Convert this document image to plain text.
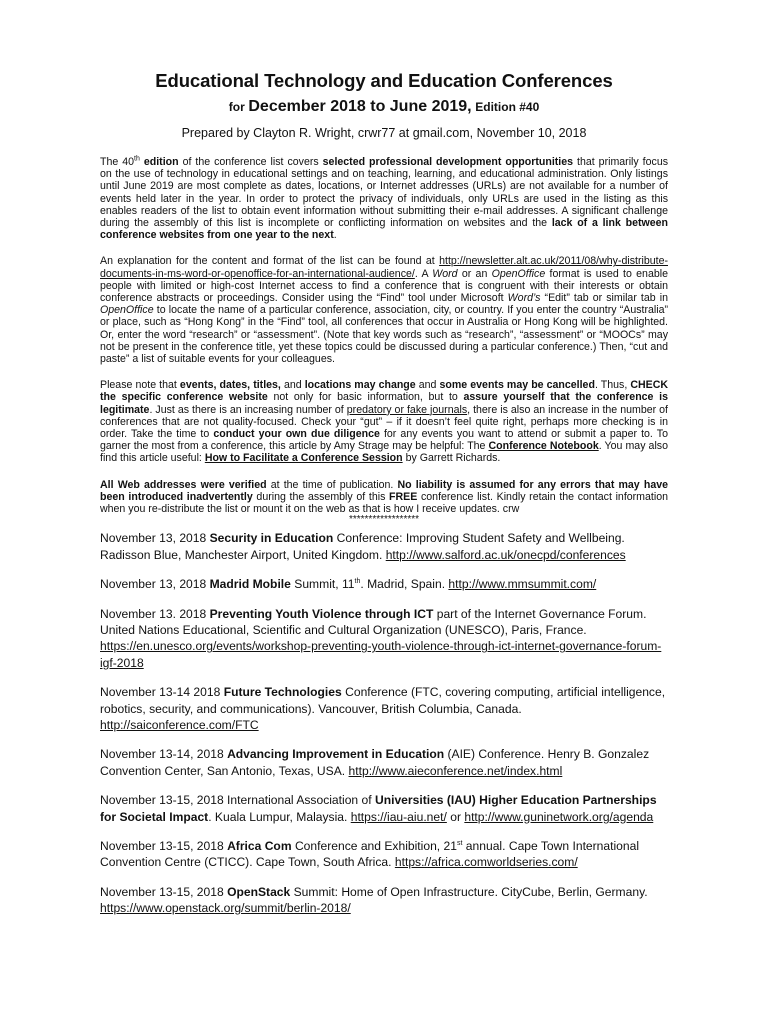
Educational Technology and Education Conferences
for December 2018 to June 2019, Edition #40
Prepared by Clayton R. Wright, crwr77 at gmail.com, November 10, 2018

The 40th edition of the conference list covers selected professional development opportunities that primarily focus on the use of technology in educational settings and on teaching, learning, and educational administration. Only listings until June 2019 are most complete as dates, locations, or Internet addresses (URLs) are not available for a number of events held later in the year. In order to protect the privacy of individuals, only URLs are used in the listing as this enables readers of the list to obtain event information without submitting their e-mail addresses. A significant challenge during the assembly of this list is incomplete or conflicting information on websites and the lack of a link between conference websites from one year to the next.

An explanation for the content and format of the list can be found at http://newsletter.alt.ac.uk/2011/08/why-distribute-documents-in-ms-word-or-openoffice-for-an-international-audience/. A Word or an OpenOffice format is used to enable people with limited or high-cost Internet access to find a conference that is congruent with their interests or obtain conference abstracts or proceedings. Consider using the “Find” tool under Microsoft Word’s “Edit” tab or similar tab in OpenOffice to locate the name of a particular conference, association, city, or country. If you enter the country “Australia” or place, such as “Hong Kong” in the “Find” tool, all conferences that occur in Australia or Hong Kong will be highlighted. Or, enter the word “research” or “assessment”. (Note that key words such as “research”, “assessment” or “MOOCs” may not be present in the conference title, yet these topics could be discussed during a particular conference.) Then, “cut and paste” a list of suitable events for your colleagues.

Please note that events, dates, titles, and locations may change and some events may be cancelled. Thus, CHECK the specific conference website not only for basic information, but to assure yourself that the conference is legitimate. Just as there is an increasing number of predatory or fake journals, there is also an increase in the number of conferences that are not quality-focused. Check your “gut” – if it doesn’t feel quite right, perhaps more checking is in order. Take the time to conduct your own due diligence for any events you want to attend or submit a paper to. To garner the most from a conference, this article by Amy Strage may be helpful: The Conference Notebook. You may also find this article useful: How to Facilitate a Conference Session by Garrett Richards.

All Web addresses were verified at the time of publication. No liability is assumed for any errors that may have been introduced inadvertently during the assembly of this FREE conference list. Kindly retain the contact information when you re-distribute the list or mount it on the web as that is how I receive updates. crw

******************

November 13, 2018 Security in Education Conference: Improving Student Safety and Wellbeing. Radisson Blue, Manchester Airport, United Kingdom. http://www.salford.ac.uk/onecpd/conferences

November 13, 2018 Madrid Mobile Summit, 11th. Madrid, Spain. http://www.mmsummit.com/

November 13. 2018 Preventing Youth Violence through ICT part of the Internet Governance Forum. United Nations Educational, Scientific and Cultural Organization (UNESCO), Paris, France. https://en.unesco.org/events/workshop-preventing-youth-violence-through-ict-internet-governance-forum-igf-2018

November 13-14 2018 Future Technologies Conference (FTC, covering computing, artificial intelligence, robotics, security, and communications). Vancouver, British Columbia, Canada. http://saiconference.com/FTC

November 13-14, 2018 Advancing Improvement in Education (AIE) Conference. Henry B. Gonzalez Convention Center, San Antonio, Texas, USA. http://www.aieconference.net/index.html

November 13-15, 2018 International Association of Universities (IAU) Higher Education Partnerships for Societal Impact. Kuala Lumpur, Malaysia. https://iau-aiu.net/ or http://www.guninetwork.org/agenda

November 13-15, 2018 Africa Com Conference and Exhibition, 21st annual. Cape Town International Convention Centre (CTICC). Cape Town, South Africa. https://africa.comworldseries.com/

November 13-15, 2018 OpenStack Summit: Home of Open Infrastructure. CityCube, Berlin, Germany. https://www.openstack.org/summit/berlin-2018/
